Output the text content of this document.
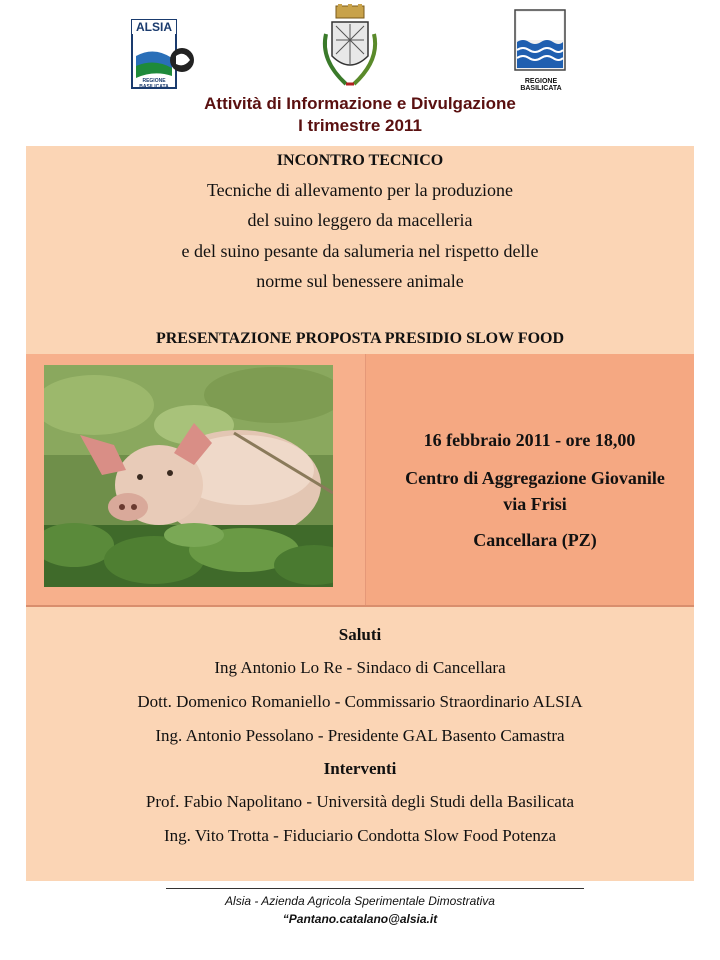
ALSIA
REGIONE BASILICATA
REGIONE BASILICATA
Attività di Informazione e Divulgazione
I trimestre 2011
INCONTRO TECNICO
Tecniche di allevamento per la produzione
del suino leggero da macelleria
e del suino pesante da salumeria nel rispetto delle
norme sul benessere animale
PRESENTAZIONE PROPOSTA PRESIDIO SLOW FOOD
16 febbraio 2011 - ore 18,00
Centro di Aggregazione Giovanile
via Frisi
Cancellara (PZ)
Saluti
Ing Antonio Lo Re - Sindaco di Cancellara
Dott. Domenico Romaniello - Commissario Straordinario ALSIA
Ing. Antonio Pessolano - Presidente GAL Basento Camastra
Interventi
Prof. Fabio Napolitano - Università degli Studi della Basilicata
Ing. Vito Trotta - Fiduciario Condotta Slow Food Potenza
Alsia - Azienda Agricola Sperimentale Dimostrativa
“Pantano.catalano@alsia.it
